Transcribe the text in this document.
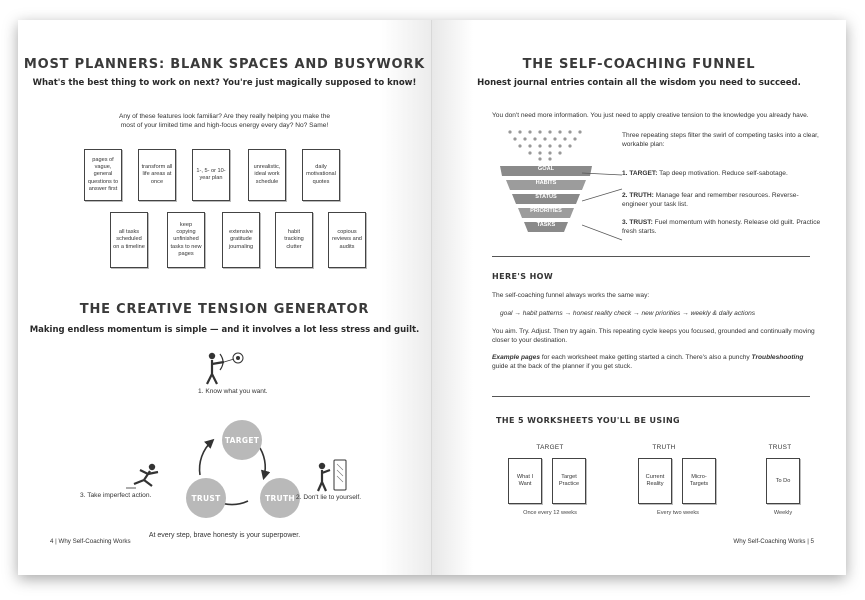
MOST PLANNERS: BLANK SPACES AND BUSYWORK
What's the best thing to work on next? You're just magically supposed to know!
Any of these features look familiar? Are they really helping you make the
most of your limited time and high-focus energy every day? No? Same!
pages of vague, general questions to answer first
transform all life areas at once
1-, 5- or 10-year plan
unrealistic, ideal work schedule
daily motivational quotes
all tasks scheduled on a timeline
keep copying unfinished tasks to new pages
extensive gratitude journaling
habit tracking clutter
copious reviews and audits
THE CREATIVE TENSION GENERATOR
Making endless momentum is simple — and it involves a lot less stress and guilt.
1. Know what you want.
TARGET
TRUTH
TRUST
3. Take imperfect action.	2. Don't lie to yourself.
At every step, brave honesty is your superpower.
4 | Why Self-Coaching Works
THE SELF-COACHING FUNNEL
Honest journal entries contain all the wisdom you need to succeed.
You don't need more information. You just need to apply creative tension to the knowledge you already have.
GOAL
HABITS
STATUS
PRIORITIES
TASKS
Three repeating steps filter the swirl of competing tasks into a clear, workable plan:
1. TARGET: Tap deep motivation. Reduce self-sabotage.
2. TRUTH: Manage fear and remember resources. Reverse-engineer your task list.
3. TRUST: Fuel momentum with honesty. Release old guilt. Practice fresh starts.
HERE'S HOW
The self-coaching funnel always works the same way:
goal → habit patterns → honest reality check → new priorities → weekly & daily actions
You aim. Try. Adjust. Then try again. This repeating cycle keeps you focused, grounded and continually moving closer to your destination.
Example pages for each worksheet make getting started a cinch. There's also a punchy Troubleshooting guide at the back of the planner if you get stuck.
THE 5 WORKSHEETS YOU'LL BE USING
TARGET	TRUTH	TRUST
What I Want
Target Practice
Current Reality
Micro-Targets
To Do
Once every 12 weeks	Every two weeks	Weekly
Why Self-Coaching Works | 5
